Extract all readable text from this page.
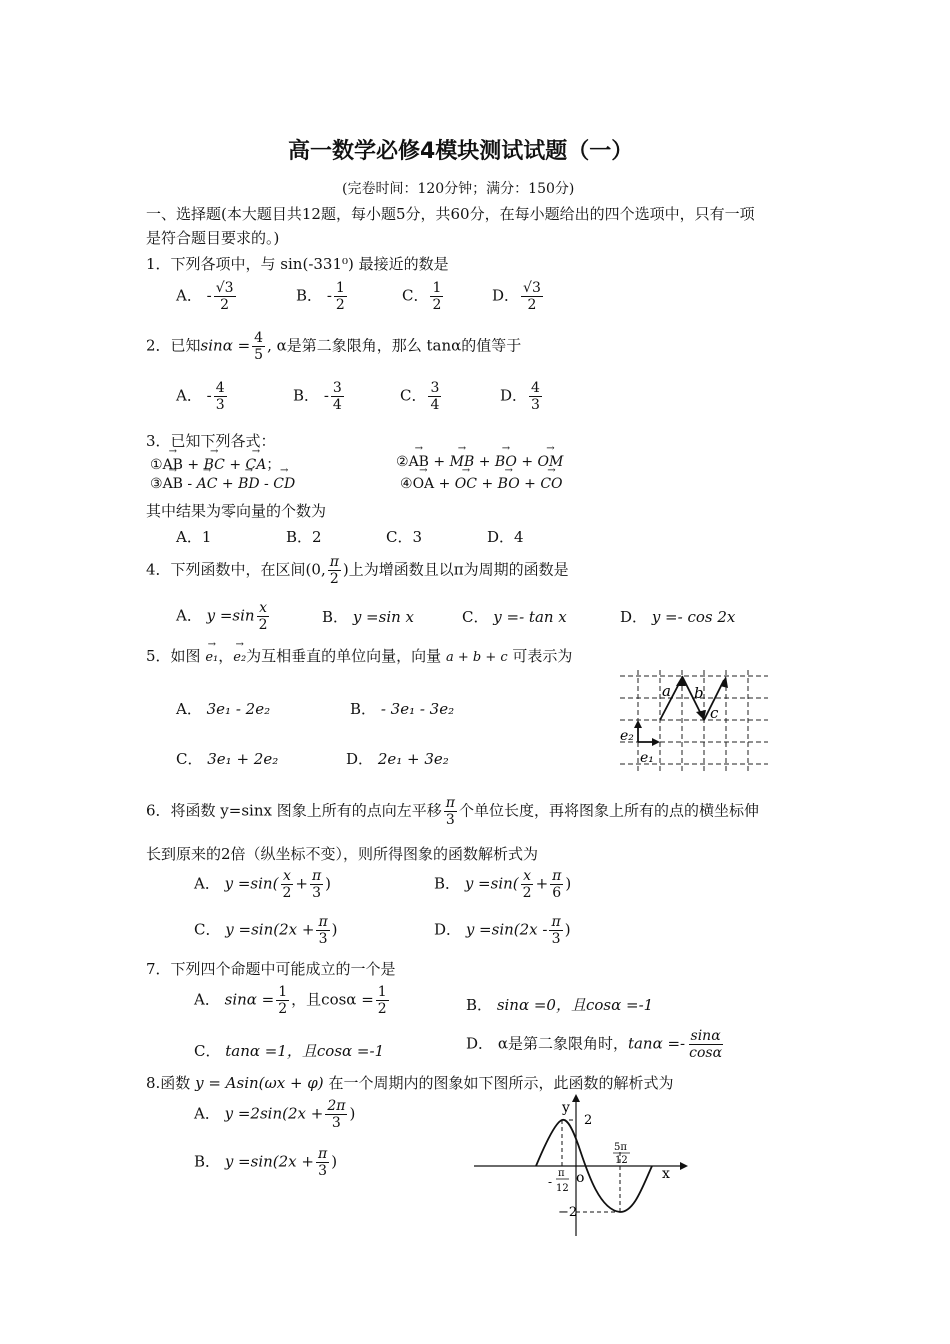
高一数学必修4模块测试试题（一）
(完卷时间：120分钟；满分：150分)
一、选择题(本大题目共12题，每小题5分，共60分，在每小题给出的四个选项中，只有一项
是符合题目要求的。)
1．下列各项中，与 sin(-331⁰) 最接近的数是
A． - $\frac{√3}{2}$	B． - $\frac{1}{2}$	C． $\frac{1}{2}$	D． $\frac{√3}{2}$
2．已知$\sin\alpha = \frac{4}{5}$ , α是第二象限角，那么 tanα的值等于
A． - $\frac{4}{3}$	B． - $\frac{3}{4}$	C． $\frac{3}{4}$	D． $\frac{4}{3}$
3．已知下列各式：
①→ AB + → BC + → CA；	②→ AB + → MB + → BO + → OM
③→ AB - → AC + → BD - → CD	④→ OA + → OC + → BO + → CO
其中结果为零向量的个数为
A．1	B．2	C．3	D．4
4．下列函数中，在区间(0, $\frac{\pi}{2}$ )上为增函数且以π为周期的函数是
A． $y =\sin \frac{x}{2}$	B． y =sin x	C． y =- tan x	D． y =- cos 2x
5．如图 → e₁，→ e₂为互相垂直的单位向量，向量 a + b + c 可表示为
A． 3e₁ - 2e₂	B． - 3e₁ - 3e₂
C． 3e₁ + 2e₂	D． 2e₁ + 3e₂
a b
c
e₂
e₁
6．将函数 y=sinx 图象上所有的点向左平移 $\frac{\pi}{3}$ 个单位长度，再将图象上所有的点的横坐标伸
长到原来的2倍（纵坐标不变），则所得图象的函数解析式为
A． $y =\sin( \frac{x}{2} + \frac{\pi}{3}$ )	B． $y =\sin( \frac{x}{2} + \frac{\pi}{6}$ )
C． $y =\sin(2x + \frac{\pi}{3}$ )	D． $y =\sin(2x - \frac{\pi}{3}$ )
7．下列四个命题中可能成立的一个是
A． $\sin\alpha = \frac{1}{2}$ ，且$\cos\alpha = \frac{1}{2}$	B． sinα =0，且cosα =-1
C． tanα =1，且cosα =-1	D． α是第二象限角时，$\tan\alpha =- \frac{\sin\alpha}{\cos\alpha}$
8.函数 y = Asin(ωx + φ) 在一个周期内的图象如下图所示，此函数的解析式为
A． $y =2\sin(2x + \frac{2\pi}{3}$ )
B． $y =\sin(2x + \frac{\pi}{3}$ )
y
x
o
2
−2
5π
12
-
π
12
